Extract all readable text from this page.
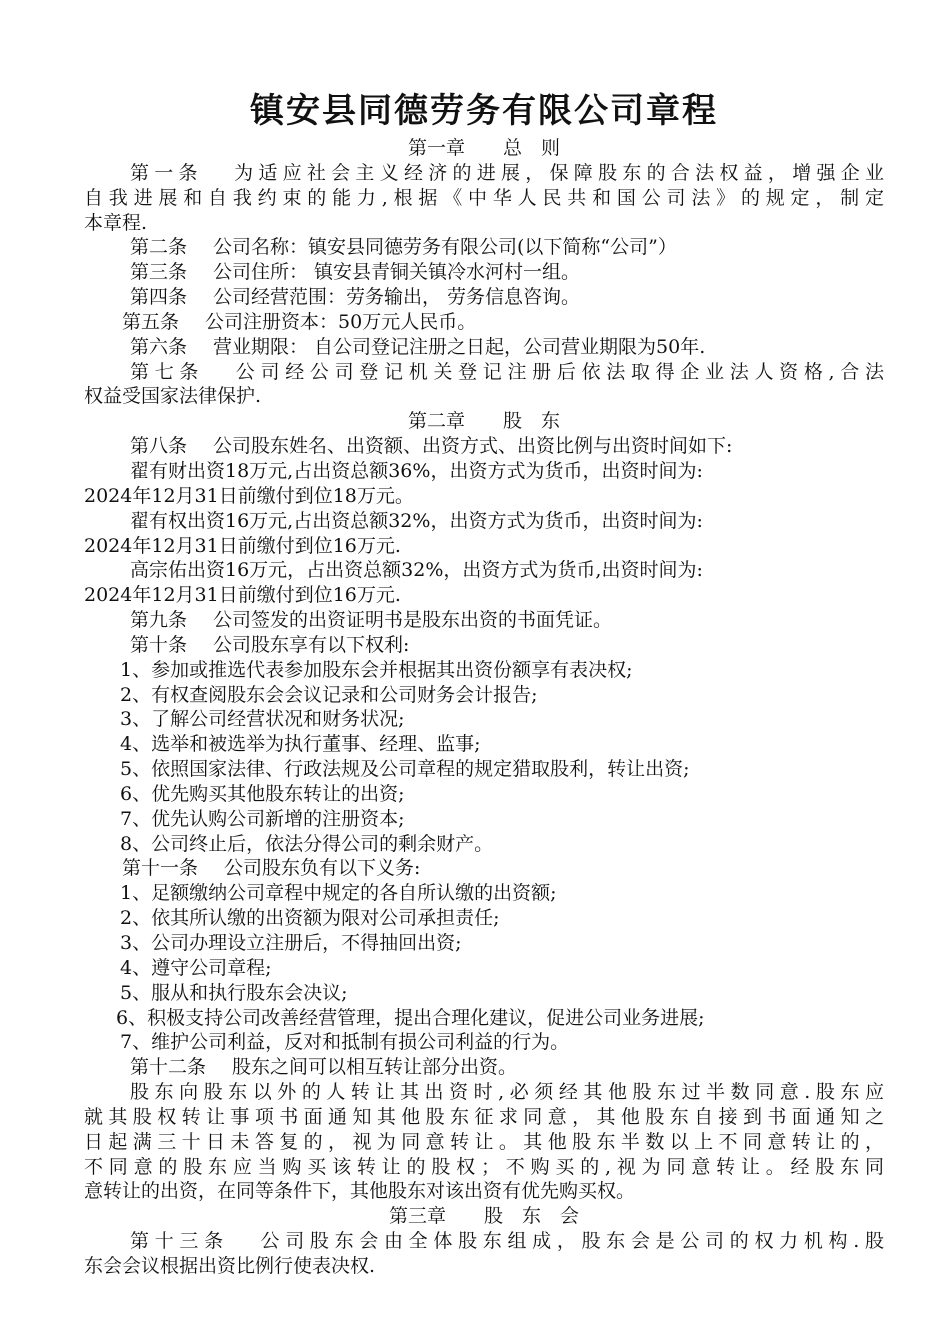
镇安县同德劳务有限公司章程
第一章 总　则
第一条 为适应社会主义经济的进展，保障股东的合法权益，增强企业
自我进展和自我约束的能力,根据《中华人民共和国公司法》的规定，制定
本章程.
第二条 公司名称：镇安县同德劳务有限公司(以下简称“公司”）
第三条 公司住所： 镇安县青铜关镇冷水河村一组。
第四条 公司经营范围：劳务输出， 劳务信息咨询。
第五条 公司注册资本：50万元人民币。
第六条 营业期限： 自公司登记注册之日起，公司营业期限为50年.
第七条 公司经公司登记机关登记注册后依法取得企业法人资格,合法
权益受国家法律保护.
第二章 股　东
第八条 公司股东姓名、出资额、出资方式、出资比例与出资时间如下:
翟有财出资18万元,占出资总额36%，出资方式为货币，出资时间为:
2024年12月31日前缴付到位18万元。
翟有权出资16万元,占出资总额32%，出资方式为货币，出资时间为:
2024年12月31日前缴付到位16万元.
高宗佑出资16万元，占出资总额32%，出资方式为货币,出资时间为:
2024年12月31日前缴付到位16万元.
第九条 公司签发的出资证明书是股东出资的书面凭证。
第十条 公司股东享有以下权利:
1、参加或推选代表参加股东会并根据其出资份额享有表决权;
2、有权查阅股东会会议记录和公司财务会计报告;
3、了解公司经营状况和财务状况;
4、选举和被选举为执行董事、经理、监事;
5、依照国家法律、行政法规及公司章程的规定猎取股利，转让出资;
6、优先购买其他股东转让的出资;
7、优先认购公司新增的注册资本;
8、公司终止后，依法分得公司的剩余财产。
第十一条 公司股东负有以下义务:
1、足额缴纳公司章程中规定的各自所认缴的出资额;
2、依其所认缴的出资额为限对公司承担责任;
3、公司办理设立注册后，不得抽回出资;
4、遵守公司章程;
5、服从和执行股东会决议;
6、积极支持公司改善经营管理，提出合理化建议，促进公司业务进展;
7、维护公司利益，反对和抵制有损公司利益的行为。
第十二条 股东之间可以相互转让部分出资。
股东向股东以外的人转让其出资时,必须经其他股东过半数同意.股东应
就其股权转让事项书面通知其他股东征求同意，其他股东自接到书面通知之
日起满三十日未答复的，视为同意转让。其他股东半数以上不同意转让的，
不同意的股东应当购买该转让的股权；不购买的,视为同意转让。经股东同
意转让的出资，在同等条件下，其他股东对该出资有优先购买权。
第三章 股　东　会
第十三条 公司股东会由全体股东组成，股东会是公司的权力机构.股
东会会议根据出资比例行使表决权.
